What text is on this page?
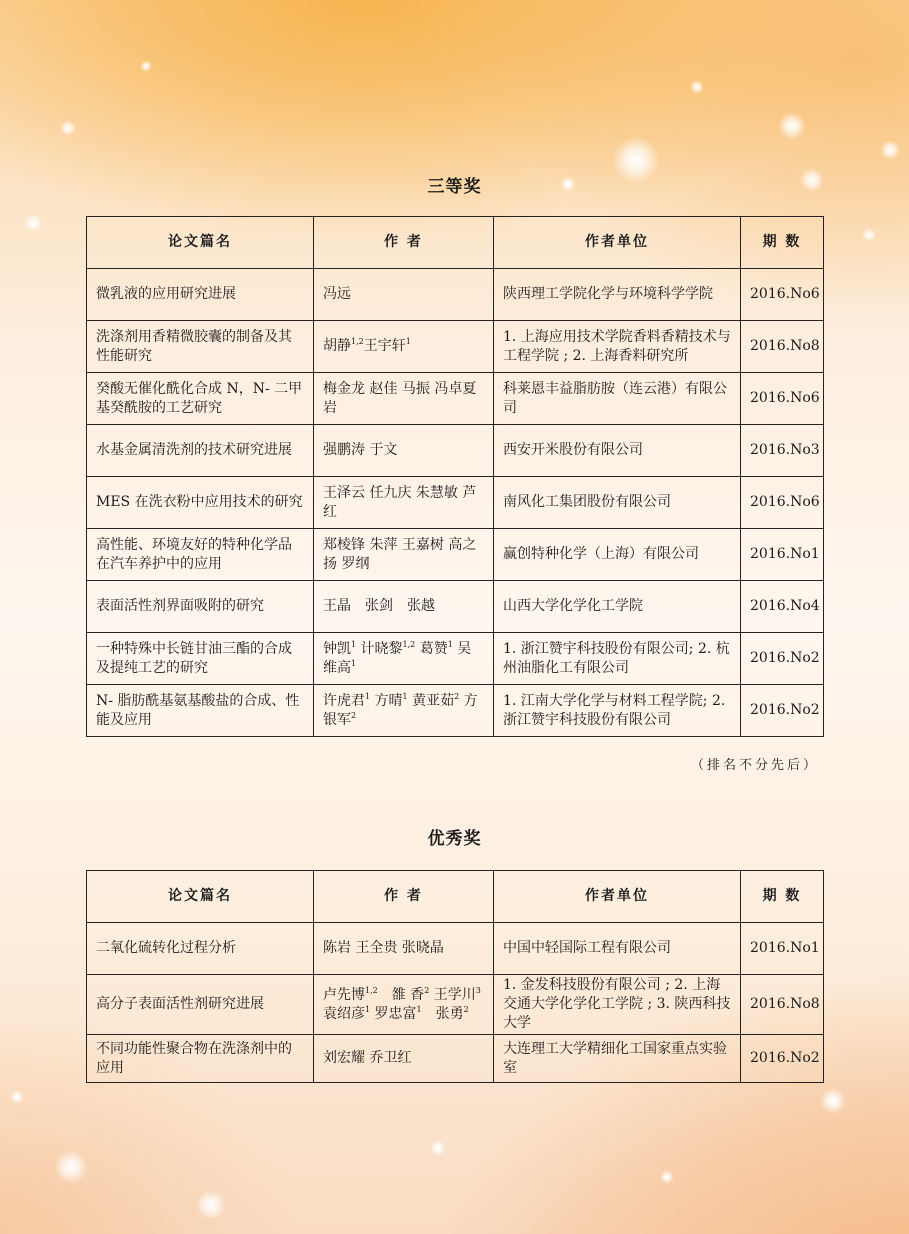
三等奖
论文篇名	作 者	作者单位	期 数
微乳液的应用研究进展	冯远	陕西理工学院化学与环境科学学院	2016.No6
洗涤剂用香精微胶囊的制备及其性能研究	胡静$^{1,2}$王宇轩$^1$	1. 上海应用技术学院香料香精技术与工程学院 ; 2. 上海香料研究所	2016.No8
癸酸无催化酰化合成 N，N- 二甲基癸酰胺的工艺研究	梅金龙 赵佳 马振 冯卓夏岩	科莱恩丰益脂肪胺（连云港）有限公司	2016.No6
水基金属清洗剂的技术研究进展	强鹏涛 于文	西安开米股份有限公司	2016.No3
MES 在洗衣粉中应用技术的研究	王泽云 任九庆 朱慧敏 芦红	南风化工集团股份有限公司	2016.No6
高性能、环境友好的特种化学品在汽车养护中的应用	郑棱锋 朱萍 王嘉树 高之扬 罗纲	赢创特种化学（上海）有限公司	2016.No1
表面活性剂界面吸附的研究	王晶　张剑　张越	山西大学化学化工学院	2016.No4
一种特殊中长链甘油三酯的合成及提纯工艺的研究	钟凯$^1$ 计晓黎$^{1,2}$ 葛赞$^1$ 吴维高$^1$	1. 浙江赞宇科技股份有限公司; 2. 杭州油脂化工有限公司	2016.No2
N- 脂肪酰基氨基酸盐的合成、性能及应用	许虎君$^1$ 方晴$^1$ 黄亚茹$^2$ 方银军$^2$	1. 江南大学化学与材料工程学院; 2. 浙江赞宇科技股份有限公司	2016.No2
（排名不分先后）
优秀奖
论文篇名	作 者	作者单位	期 数
二氧化硫转化过程分析	陈岩 王全贵 张晓晶	中国中轻国际工程有限公司	2016.No1
高分子表面活性剂研究进展	卢先博$^{1,2}$　雒 香$^2$ 王学川$^3$　袁绍彦$^1$ 罗忠富$^1$　张勇$^2$	1. 金发科技股份有限公司 ; 2. 上海交通大学化学化工学院 ; 3. 陕西科技大学	2016.No8
不同功能性聚合物在洗涤剂中的应用	刘宏耀 乔卫红	大连理工大学精细化工国家重点实验室	2016.No2
